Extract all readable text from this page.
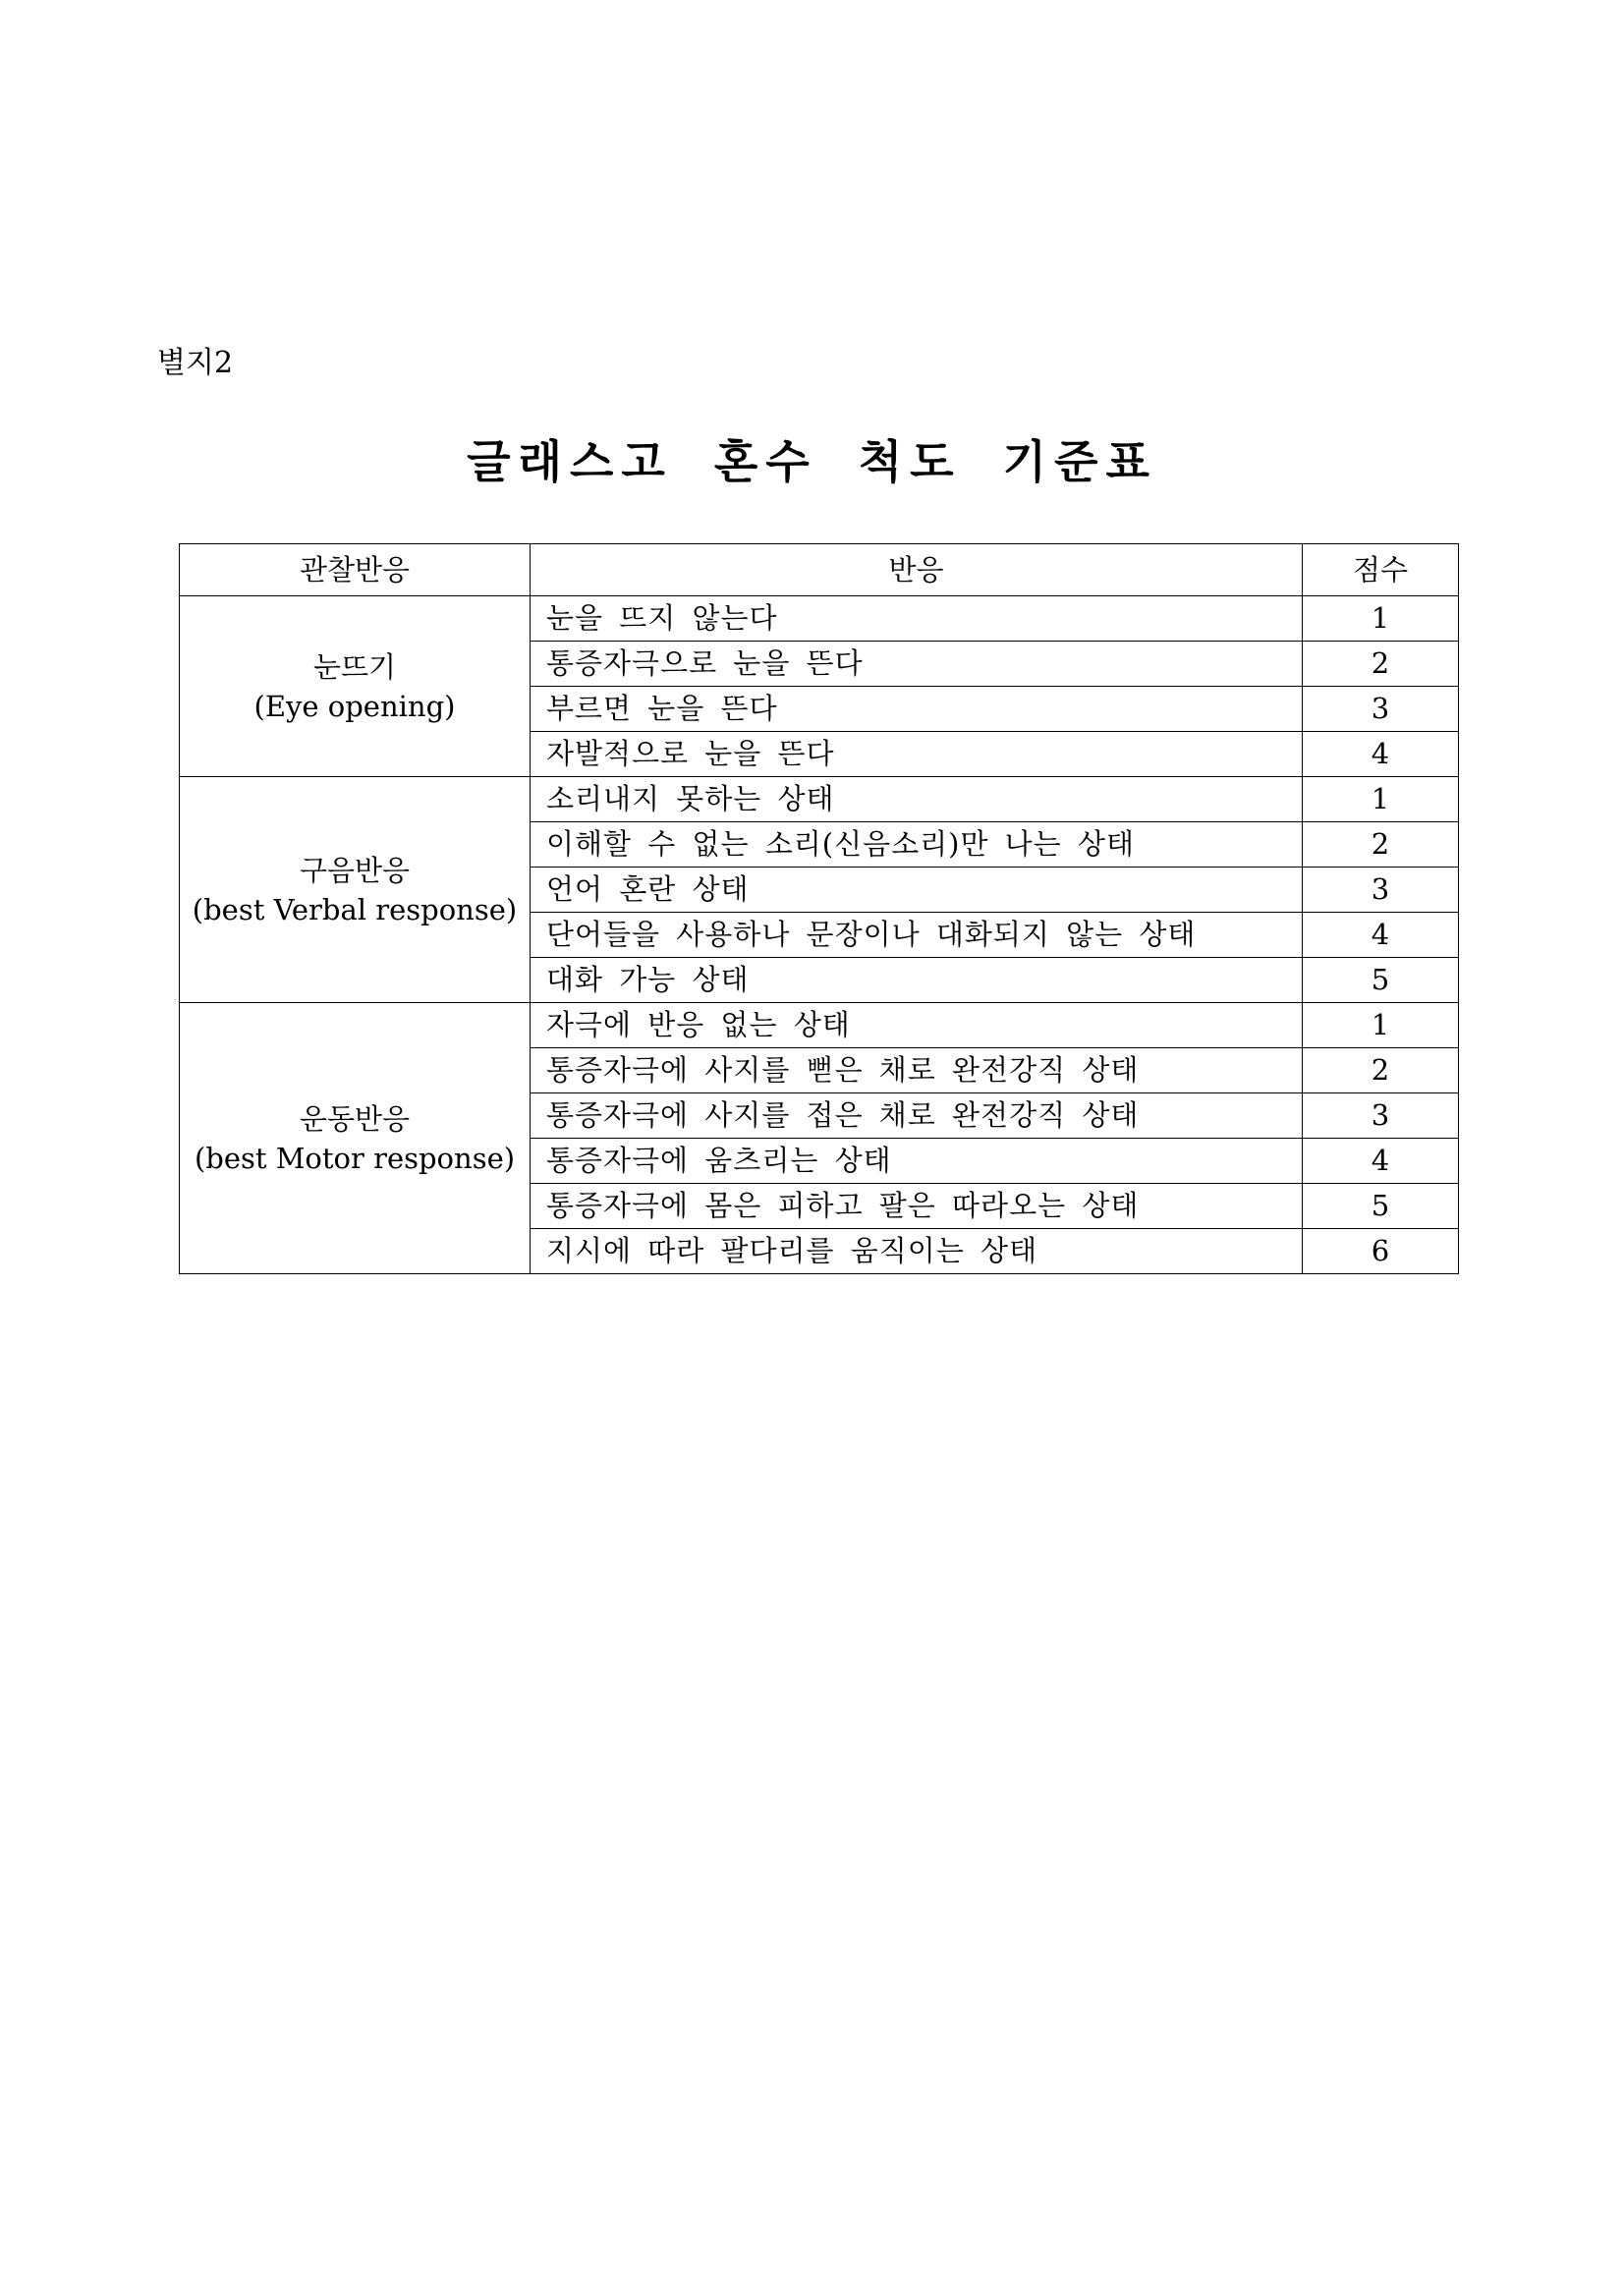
별지2
글래스고 혼수 척도 기준표
관찰반응	반응	점수

눈뜨기
(Eye opening)	눈을 뜨지 않는다	1
	통증자극으로 눈을 뜬다	2
	부르면 눈을 뜬다	3
	자발적으로 눈을 뜬다	4

구음반응
(best Verbal response)	소리내지 못하는 상태	1
	이해할 수 없는 소리(신음소리)만 나는 상태	2
	언어 혼란 상태	3
	단어들을 사용하나 문장이나 대화되지 않는 상태	4
	대화 가능 상태	5

운동반응
(best Motor response)	자극에 반응 없는 상태	1
	통증자극에 사지를 뻗은 채로 완전강직 상태	2
	통증자극에 사지를 접은 채로 완전강직 상태	3
	통증자극에 움츠리는 상태	4
	통증자극에 몸은 피하고 팔은 따라오는 상태	5
	지시에 따라 팔다리를 움직이는 상태	6
